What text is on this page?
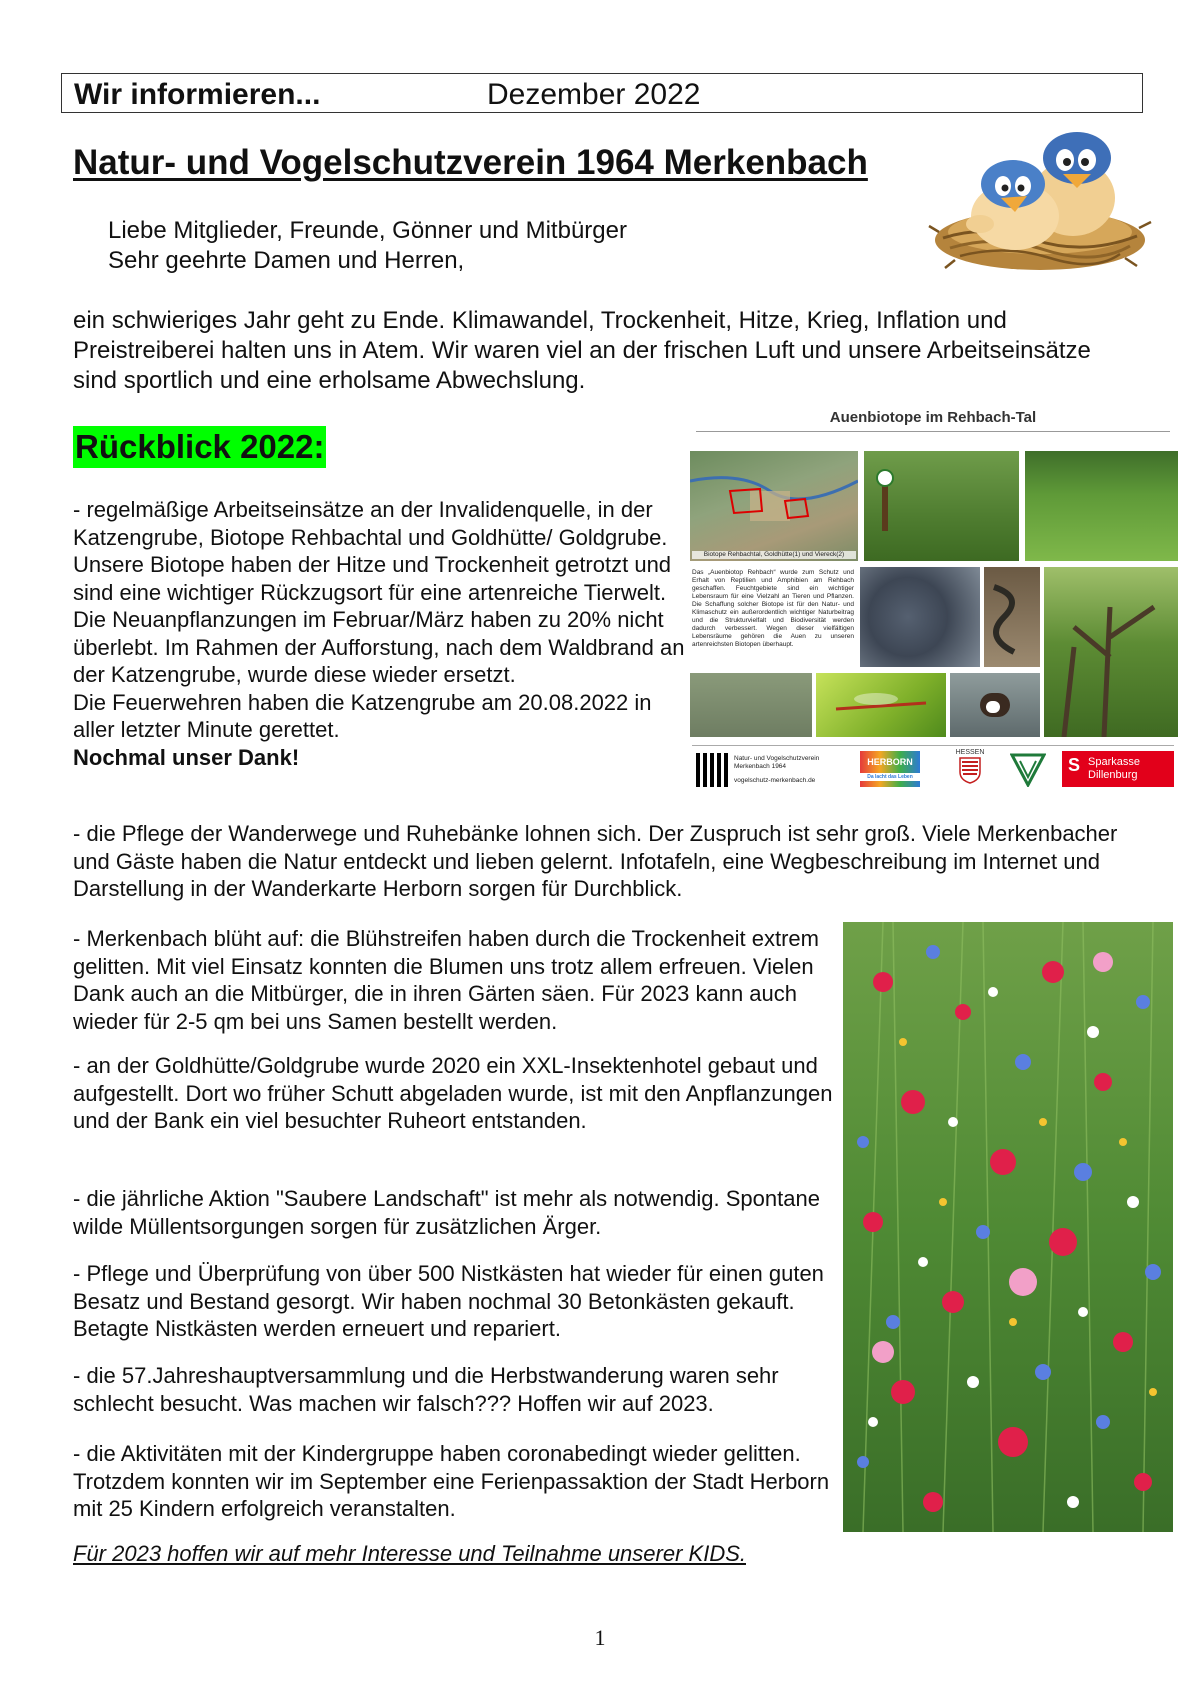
Wir informieren...	Dezember 2022
Natur- und Vogelschutzverein 1964 Merkenbach
Liebe Mitglieder, Freunde, Gönner und Mitbürger
Sehr geehrte Damen und Herren,

ein schwieriges Jahr geht zu Ende. Klimawandel, Trockenheit, Hitze, Krieg, Inflation und Preistreiberei halten uns in Atem. Wir waren viel an der frischen Luft und unsere Arbeitseinsätze sind sportlich und eine erholsame Abwechslung.

Rückblick 2022:

- regelmäßige Arbeitseinsätze an der Invalidenquelle, in der Katzengrube, Biotope Rehbachtal und Goldhütte/ Goldgrube. Unsere Biotope haben der Hitze und Trockenheit getrotzt und sind eine wichtiger Rückzugsort für eine artenreiche Tierwelt. Die Neuanpflanzungen im Februar/März haben zu 20% nicht überlebt. Im Rahmen der Aufforstung, nach dem Waldbrand an der Katzengrube, wurde diese wieder ersetzt.

Die Feuerwehren haben die Katzengrube am 20.08.2022 in aller letzter Minute gerettet.

Nochmal unser Dank!

Auenbiotope im Rehbach-Tal
Biotope Rehbachtal, Goldhütte(1) und Viereck(2)
Das „Auenbiotop Rehbach“ wurde zum Schutz und Erhalt von Reptilien und Amphibien am Rehbach geschaffen. Feuchtgebiete sind ein wichtiger Lebensraum für eine Vielzahl an Tieren und Pflanzen. Die Schaffung solcher Biotope ist für den Natur- und Klimaschutz ein außerordentlich wichtiger Naturbeitrag und die Strukturvielfalt und Biodiversität werden dadurch verbessert. Wegen dieser vielfältigen Lebensräume gehören die Auen zu unseren artenreichsten Biotopen überhaupt.
Natur- und Vogelschutzverein
Merkenbach 1964
vogelschutz-merkenbach.de
HERBORN
Da lacht das Leben
HESSEN
S Sparkasse
Dillenburg

- die Pflege der Wanderwege und Ruhebänke lohnen sich. Der Zuspruch ist sehr groß. Viele Merkenbacher und Gäste haben die Natur entdeckt und lieben gelernt. Infotafeln, eine Wegbeschreibung im Internet und Darstellung in der Wanderkarte Herborn sorgen für Durchblick.

- Merkenbach blüht auf: die Blühstreifen haben durch die Trockenheit extrem gelitten. Mit viel Einsatz konnten die Blumen uns trotz allem erfreuen. Vielen Dank auch an die Mitbürger, die in ihren Gärten säen. Für 2023 kann auch wieder für 2-5 qm bei uns Samen bestellt werden.

- an der Goldhütte/Goldgrube wurde 2020 ein XXL-Insektenhotel gebaut und aufgestellt. Dort wo früher Schutt abgeladen wurde, ist mit den Anpflanzungen und der Bank ein viel besuchter Ruheort entstanden.

- die jährliche Aktion "Saubere Landschaft" ist mehr als notwendig. Spontane wilde Müllentsorgungen sorgen für zusätzlichen Ärger.

- Pflege und Überprüfung von über 500 Nistkästen hat wieder für einen guten Besatz und Bestand gesorgt. Wir haben nochmal 30 Betonkästen gekauft. Betagte Nistkästen werden erneuert und repariert.

- die 57.Jahreshauptversammlung und die Herbstwanderung waren sehr schlecht besucht. Was machen wir falsch??? Hoffen wir auf 2023.

- die Aktivitäten mit der Kindergruppe haben coronabedingt wieder gelitten. Trotzdem konnten wir im September eine Ferienpassaktion der Stadt Herborn mit 25 Kindern erfolgreich veranstalten.

Für 2023 hoffen wir auf mehr Interesse und Teilnahme unserer KIDS.

1
